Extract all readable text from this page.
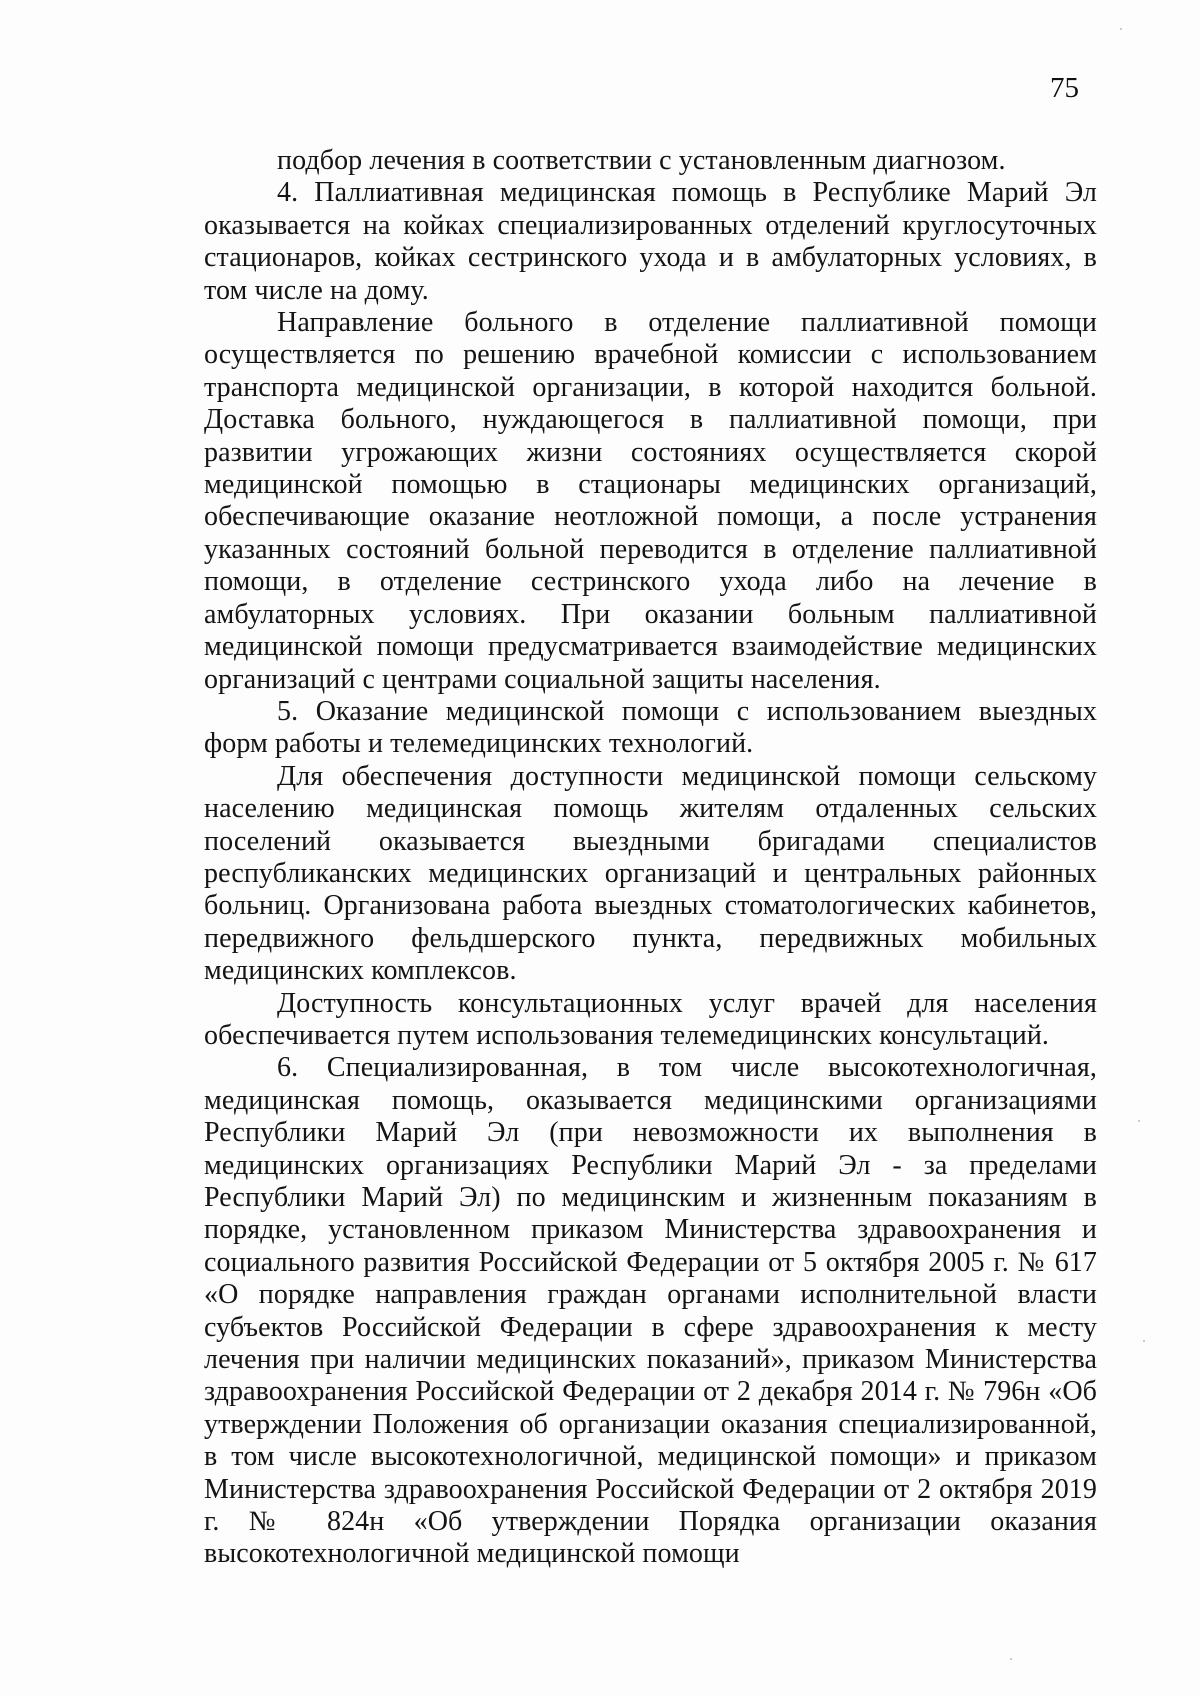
75

подбор лечения в соответствии с установленным диагнозом.

4. Паллиативная медицинская помощь в Республике Марий Эл оказывается на койках специализированных отделений круглосуточных стационаров, койках сестринского ухода и в амбулаторных условиях, в том числе на дому.

Направление больного в отделение паллиативной помощи осуществляется по решению врачебной комиссии с использованием транспорта медицинской организации, в которой находится больной. Доставка больного, нуждающегося в паллиативной помощи, при развитии угрожающих жизни состояниях осуществляется скорой медицинской помощью в стационары медицинских организаций, обеспечивающие оказание неотложной помощи, а после устранения указанных состояний больной переводится в отделение паллиативной помощи, в отделение сестринского ухода либо на лечение в амбулаторных условиях. При оказании больным паллиативной медицинской помощи предусматривается взаимодействие медицинских организаций с центрами социальной защиты населения.

5. Оказание медицинской помощи с использованием выездных форм работы и телемедицинских технологий.

Для обеспечения доступности медицинской помощи сельскому населению медицинская помощь жителям отдаленных сельских поселений оказывается выездными бригадами специалистов республиканских медицинских организаций и центральных районных больниц. Организована работа выездных стоматологических кабинетов, передвижного фельдшерского пункта, передвижных мобильных медицинских комплексов.

Доступность консультационных услуг врачей для населения обеспечивается путем использования телемедицинских консультаций.

6. Специализированная, в том числе высокотехнологичная, медицинская помощь, оказывается медицинскими организациями Республики Марий Эл (при невозможности их выполнения в медицинских организациях Республики Марий Эл - за пределами Республики Марий Эл) по медицинским и жизненным показаниям в порядке, установленном приказом Министерства здравоохранения и социального развития Российской Федерации от 5 октября 2005 г. № 617 «О порядке направления граждан органами исполнительной власти субъектов Российской Федерации в сфере здравоохранения к месту лечения при наличии медицинских показаний», приказом Министерства здравоохранения Российской Федерации от 2 декабря 2014 г. № 796н «Об утверждении Положения об организации оказания специализированной, в том числе высокотехнологичной, медицинской помощи» и приказом Министерства здравоохранения Российской Федерации от 2 октября 2019 г. № 824н «Об утверждении Порядка организации оказания высокотехнологичной медицинской помощи
